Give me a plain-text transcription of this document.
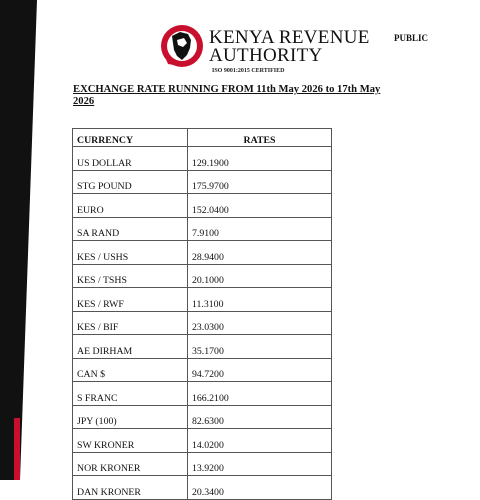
KENYA REVENUE
AUTHORITY
ISO 9001:2015 CERTIFIED
PUBLIC
EXCHANGE RATE RUNNING FROM 11th May 2026 to 17th May 2026
CURRENCY	RATES
US DOLLAR	129.1900
STG POUND	175.9700
EURO	152.0400
SA RAND	7.9100
KES / USHS	28.9400
KES / TSHS	20.1000
KES / RWF	11.3100
KES / BIF	23.0300
AE DIRHAM	35.1700
CAN $	94.7200
S FRANC	166.2100
JPY (100)	82.6300
SW KRONER	14.0200
NOR KRONER	13.9200
DAN KRONER	20.3400
